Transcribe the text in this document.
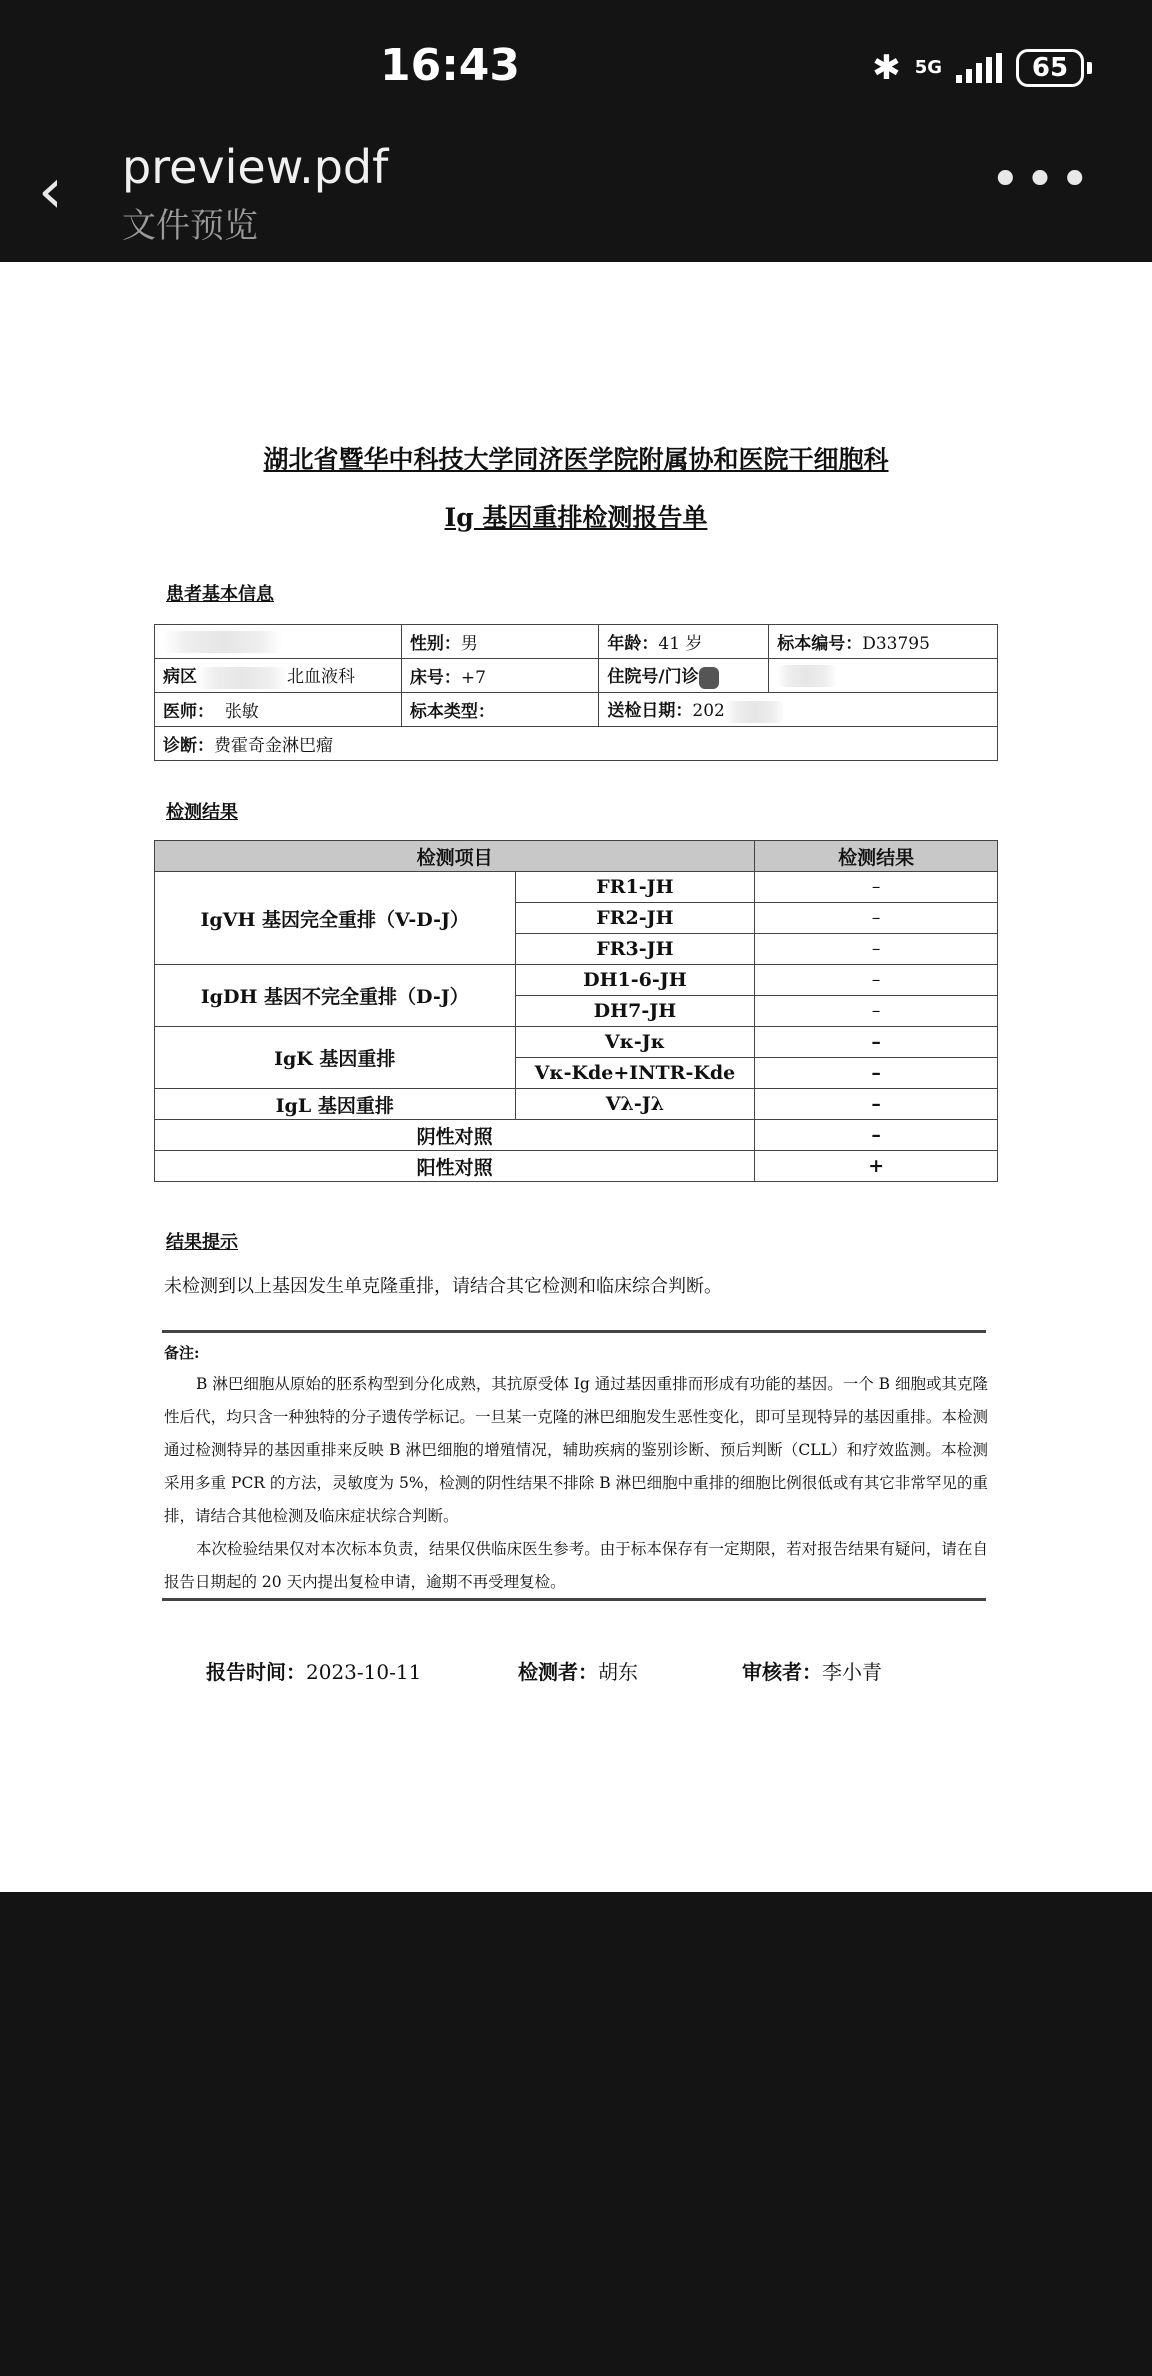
16:43	✱ 5G	65
‹ preview.pdf
文件预览
•••
湖北省暨华中科技大学同济医学院附属协和医院干细胞科
Ig 基因重排检测报告单
患者基本信息
	性别：男	年龄：41 岁	标本编号：D33795
病区 北血液科	床号：+7	住院号/门诊	
医师： 张敏	标本类型：	送检日期：202	
诊断：费霍奇金淋巴瘤			
检测结果
检测项目		检测结果
IgVH 基因完全重排（V-D-J）	FR1-JH	–
	FR2-JH	–
	FR3-JH	–
IgDH 基因不完全重排（D-J）	DH1-6-JH	–
	DH7-JH	–
IgK 基因重排	Vκ-Jκ	–
	Vκ-Kde+INTR-Kde	–
IgL 基因重排	Vλ-Jλ	–
阴性对照		–
阳性对照		+
结果提示
未检测到以上基因发生单克隆重排，请结合其它检测和临床综合判断。
备注:

B 淋巴细胞从原始的胚系构型到分化成熟，其抗原受体 Ig 通过基因重排而形成有功能的基因。一个 B 细胞或其克隆性后代，均只含一种独特的分子遗传学标记。一旦某一克隆的淋巴细胞发生恶性变化，即可呈现特异的基因重排。本检测通过检测特异的基因重排来反映 B 淋巴细胞的增殖情况，辅助疾病的鉴别诊断、预后判断（CLL）和疗效监测。本检测采用多重 PCR 的方法，灵敏度为 5%，检测的阴性结果不排除 B 淋巴细胞中重排的细胞比例很低或有其它非常罕见的重排，请结合其他检测及临床症状综合判断。

本次检验结果仅对本次标本负责，结果仅供临床医生参考。由于标本保存有一定期限，若对报告结果有疑问，请在自报告日期起的 20 天内提出复检申请，逾期不再受理复检。

报告时间：2023-10-11	检测者：胡东	审核者：李小青
